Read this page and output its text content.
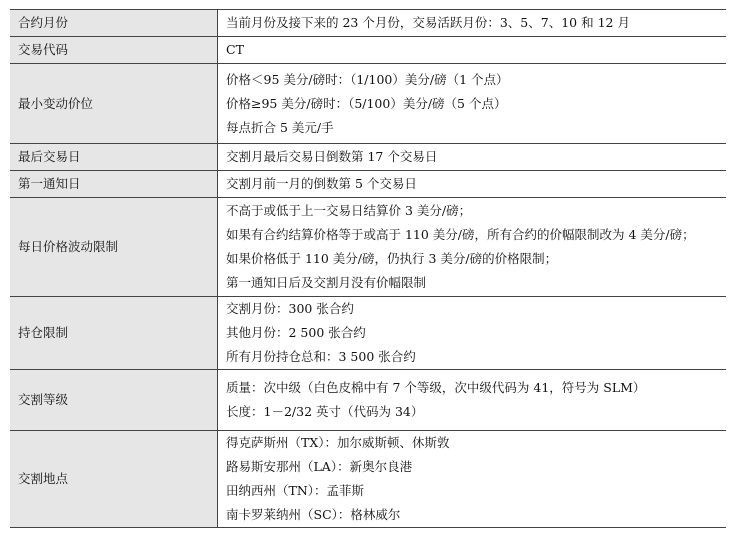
合约月份	当前月份及接下来的 23 个月份，交易活跃月份：3、5、7、10 和 12 月

交易代码	CT

最小变动价位	价格＜95 美分/磅时：（1/100）美分/磅（1 个点）
价格≥95 美分/磅时：（5/100）美分/磅（5 个点）
每点折合 5 美元/手

最后交易日	交割月最后交易日倒数第 17 个交易日

第一通知日	交割月前一月的倒数第 5 个交易日

每日价格波动限制	不高于或低于上一交易日结算价 3 美分/磅；
如果有合约结算价格等于或高于 110 美分/磅，所有合约的价幅限制改为 4 美分/磅；
如果价格低于 110 美分/磅，仍执行 3 美分/磅的价格限制；
第一通知日后及交割月没有价幅限制

持仓限制	交割月份：300 张合约
其他月份：2 500 张合约
所有月份持仓总和：3 500 张合约

交割等级	质量：次中级（白色皮棉中有 7 个等级，次中级代码为 41，符号为 SLM）
长度：1－2/32 英寸（代码为 34）

交割地点	得克萨斯州（TX）：加尔威斯顿、休斯敦
路易斯安那州（LA）：新奥尔良港
田纳西州（TN）：孟菲斯
南卡罗莱纳州（SC）：格林威尔
